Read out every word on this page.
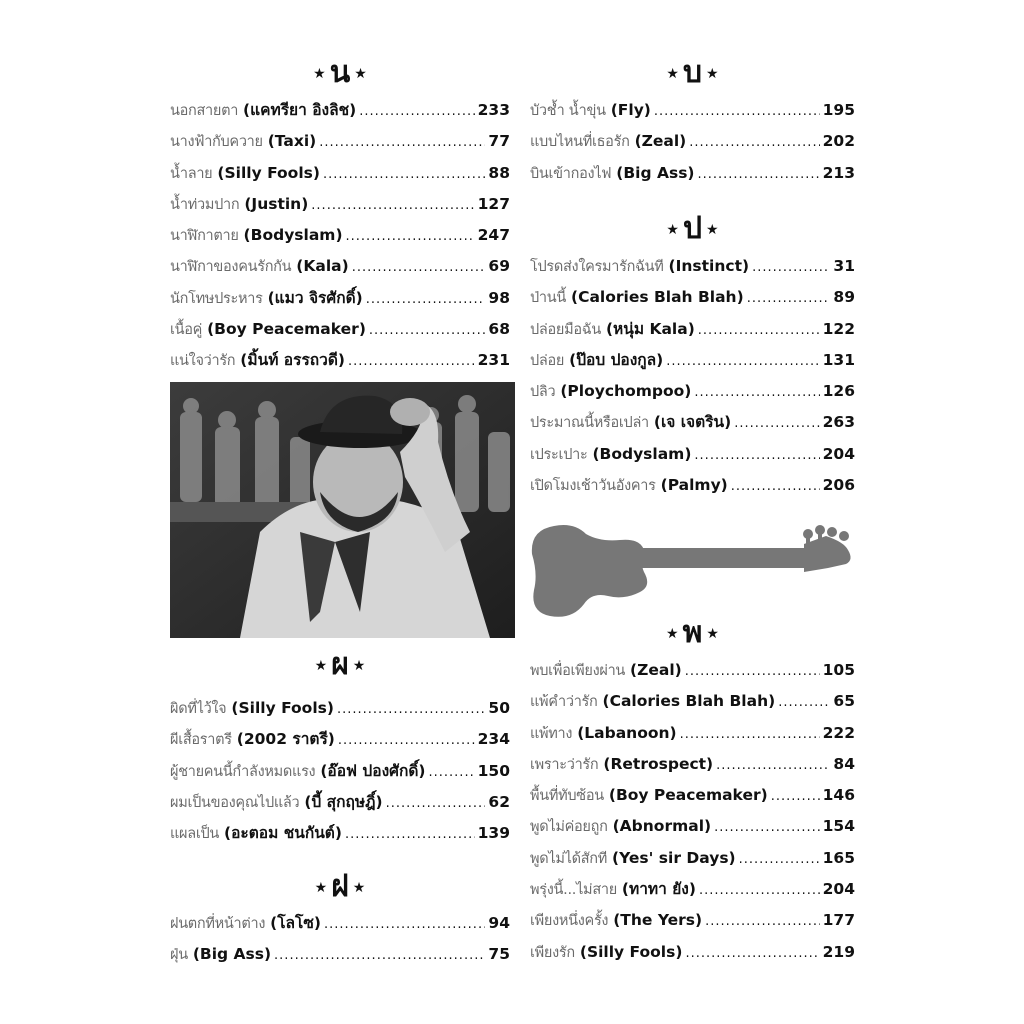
★ น ★
นอกสายตา (แคทรียา อิงลิช) .....	233
นางฟ้ากับควาย (Taxi) .....	77
น้ำลาย (Silly Fools) .....	88
น้ำท่วมปาก (Justin) .....	127
นาฬิกาตาย (Bodyslam) .....	247
นาฬิกาของคนรักกัน (Kala) .....	69
นักโทษประหาร (แมว จิรศักดิ์) .....	98
เนื้อคู่ (Boy Peacemaker) .....	68
แน่ใจว่ารัก (มิ้นท์ อรรถวดี) .....	231
★ ผ ★
ผิดที่ไว้ใจ (Silly Fools) .....	50
ผีเสื้อราตรี (2002 ราตรี) .....	234
ผู้ชายคนนี้กำลังหมดแรง (อ๊อฟ ปองศักดิ์) .....	150
ผมเป็นของคุณไปแล้ว (บี้ สุกฤษฎิ์) .....	62
แผลเป็น (อะตอม ชนกันต์) .....	139
★ ฝ ★
ฝนตกที่หน้าต่าง (โลโซ) .....	94
ฝุ่น (Big Ass) .....	75
★ บ ★
บัวช้ำ น้ำขุ่น (Fly) .....	195
แบบไหนที่เธอรัก (Zeal) .....	202
บินเข้ากองไฟ (Big Ass) .....	213
★ ป ★
โปรดส่งใครมารักฉันที (Instinct) .....	31
ป่านนี้ (Calories Blah Blah) .....	89
ปล่อยมือฉัน (หนุ่ม Kala) .....	122
ปล่อย (ป๊อบ ปองกูล) .....	131
ปลิว (Ploychompoo) .....	126
ประมาณนี้หรือเปล่า (เจ เจตริน) .....	263
เประเปาะ (Bodyslam) .....	204
เปิดโมงเช้าวันอังคาร (Palmy) .....	206
★ พ ★
พบเพื่อเพียงผ่าน (Zeal) .....	105
แพ้คำว่ารัก (Calories Blah Blah) .....	65
แพ้ทาง (Labanoon) .....	222
เพราะว่ารัก (Retrospect) .....	84
พื้นที่ทับซ้อน (Boy Peacemaker) .....	146
พูดไม่ค่อยถูก (Abnormal) .....	154
พูดไม่ได้สักที (Yes' sir Days) .....	165
พรุ่งนี้...ไม่สาย (ทาทา ยัง) .....	204
เพียงหนึ่งครั้ง (The Yers) .....	177
เพียงรัก (Silly Fools) .....	219
